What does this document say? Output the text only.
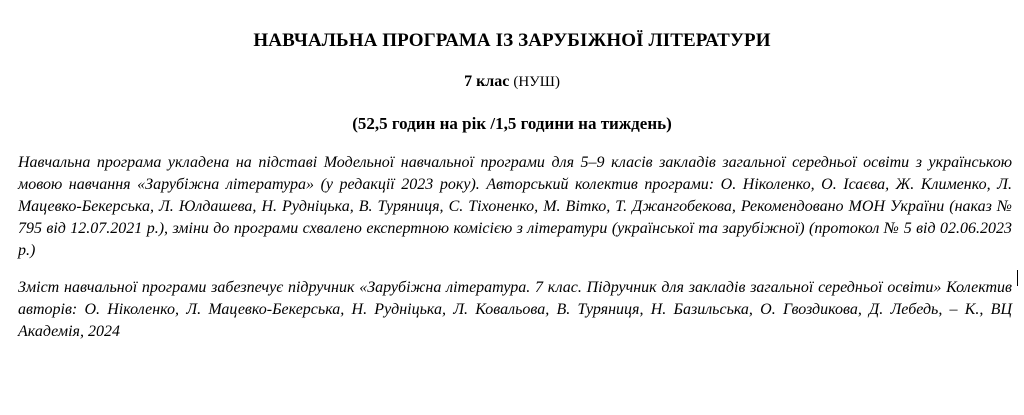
НАВЧАЛЬНА ПРОГРАМА ІЗ ЗАРУБІЖНОЇ ЛІТЕРАТУРИ
7 клас (НУШ)
(52,5 годин на рік /1,5 години на тиждень)
Навчальна програма укладена на підставі Модельної навчальної програми для 5–9 класів закладів загальної середньої освіти з українською мовою навчання «Зарубіжна література» (у редакції 2023 року). Авторський колектив програми: О. Ніколенко, О. Ісаєва, Ж. Клименко, Л. Мацевко-Бекерська, Л. Юлдашева, Н. Рудніцька, В. Туряниця, С. Тіхоненко, М. Вітко, Т. Джангобекова, Рекомендовано МОН України (наказ № 795 від 12.07.2021 р.), зміни до програми схвалено експертною комісією з літератури (української та зарубіжної) (протокол № 5 від 02.06.2023 р.)
Зміст навчальної програми забезпечує підручник «Зарубіжна література. 7 клас. Підручник для закладів загальної середньої освіти» Колектив авторів: О. Ніколенко, Л. Мацевко-Бекерська, Н. Рудніцька, Л. Ковальова, В. Туряниця, Н. Базильська, О. Гвоздикова, Д. Лебедь, – К., ВЦ Академія, 2024
